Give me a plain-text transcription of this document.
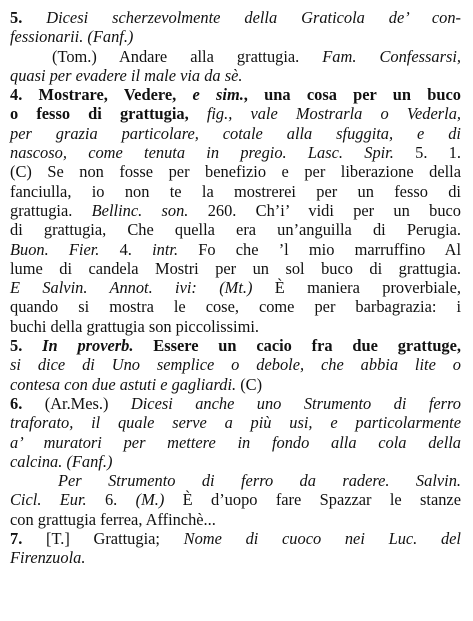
5. Dicesi scherzevolmente della Graticola de’ con-
fessionarii. (Fanf.)
(Tom.) Andare alla grattugia. Fam. Confessarsi,
quasi per evadere il male via da sè.
4. Mostrare, Vedere, e sim., una cosa per un buco
o fesso di grattugia, fig., vale Mostrarla o Vederla,
per grazia particolare, cotale alla sfuggita, e di
nascoso, come tenuta in pregio. Lasc. Spir. 5. 1.
(C) Se non fosse per benefizio e per liberazione della
fanciulla, io non te la mostrerei per un fesso di
grattugia. Bellinc. son. 260. Ch’i’ vidi per un buco
di grattugia, Che quella era un’anguilla di Perugia.
Buon. Fier. 4. intr. Fo che ’l mio marruffino Al
lume di candela Mostri per un sol buco di grattugia.
E Salvin. Annot. ivi: (Mt.) È maniera proverbiale,
quando si mostra le cose, come per barbagrazia: i
buchi della grattugia son piccolissimi.
5. In proverb. Essere un cacio fra due grattuge,
si dice di Uno semplice o debole, che abbia lite o
contesa con due astuti e gagliardi. (C)
6. (Ar.Mes.) Dicesi anche uno Strumento di ferro
traforato, il quale serve a più usi, e particolarmente
a’ muratori per mettere in fondo alla cola della
calcina. (Fanf.)
Per Strumento di ferro da radere. Salvin.
Cicl. Eur. 6. (M.) È d’uopo fare Spazzar le stanze
con grattugia ferrea, Affinchè...
7. [T.] Grattugia; Nome di cuoco nei Luc. del
Firenzuola.
